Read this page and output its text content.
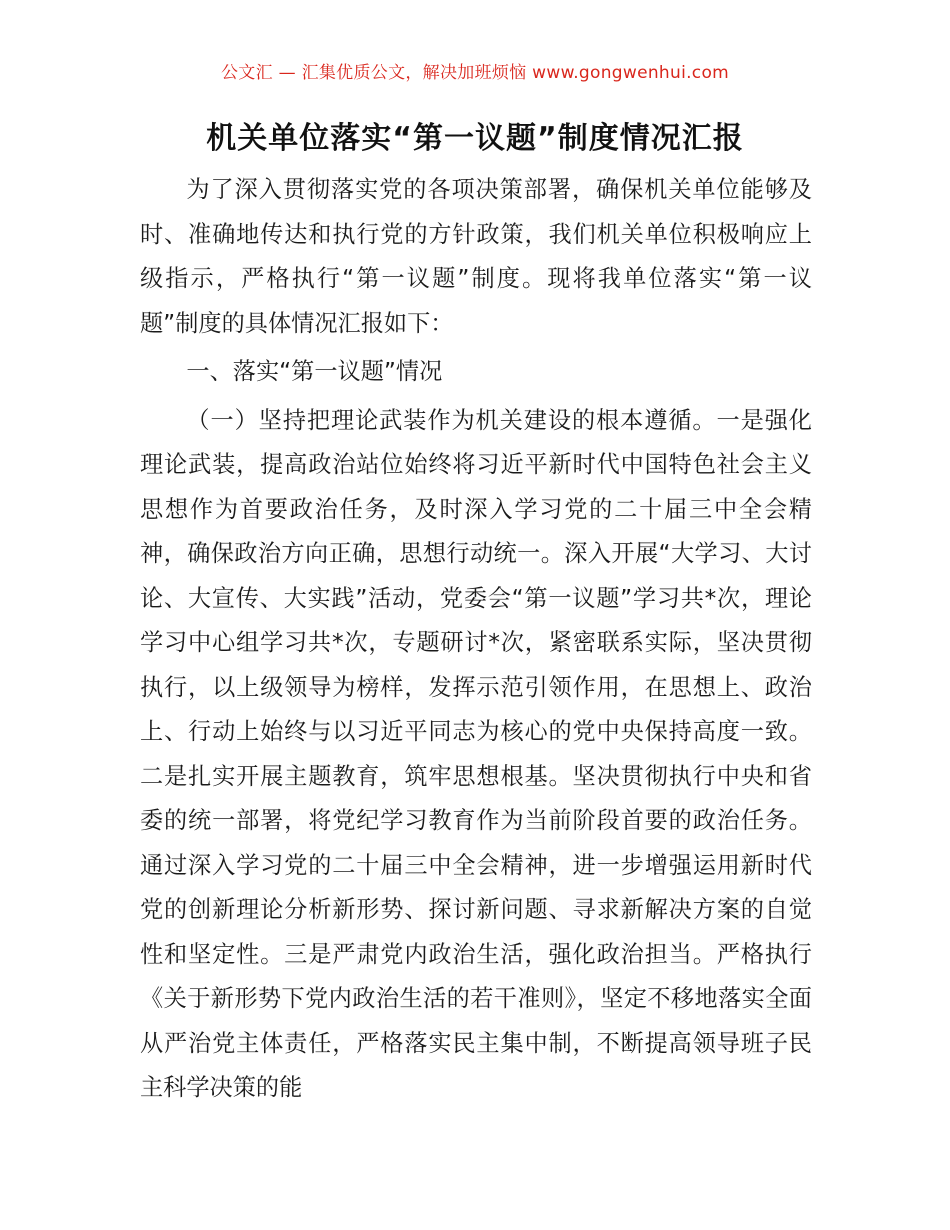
公文汇 — 汇集优质公文，解决加班烦恼 www.gongwenhui.com
机关单位落实“第一议题”制度情况汇报

为了深入贯彻落实党的各项决策部署，确保机关单位能够及时、准确地传达和执行党的方针政策，我们机关单位积极响应上级指示，严格执行“第一议题”制度。现将我单位落实“第一议题”制度的具体情况汇报如下：

一、落实“第一议题”情况

（一）坚持把理论武装作为机关建设的根本遵循。一是强化理论武装，提高政治站位始终将习近平新时代中国特色社会主义思想作为首要政治任务，及时深入学习党的二十届三中全会精神，确保政治方向正确，思想行动统一。深入开展“大学习、大讨论、大宣传、大实践”活动，党委会“第一议题”学习共*次，理论学习中心组学习共*次，专题研讨*次，紧密联系实际，坚决贯彻执行，以上级领导为榜样，发挥示范引领作用，在思想上、政治上、行动上始终与以习近平同志为核心的党中央保持高度一致。二是扎实开展主题教育，筑牢思想根基。坚决贯彻执行中央和省委的统一部署，将党纪学习教育作为当前阶段首要的政治任务。通过深入学习党的二十届三中全会精神，进一步增强运用新时代党的创新理论分析新形势、探讨新问题、寻求新解决方案的自觉性和坚定性。三是严肃党内政治生活，强化政治担当。严格执行《关于新形势下党内政治生活的若干准则》，坚定不移地落实全面从严治党主体责任，严格落实民主集中制，不断提高领导班子民主科学决策的能
